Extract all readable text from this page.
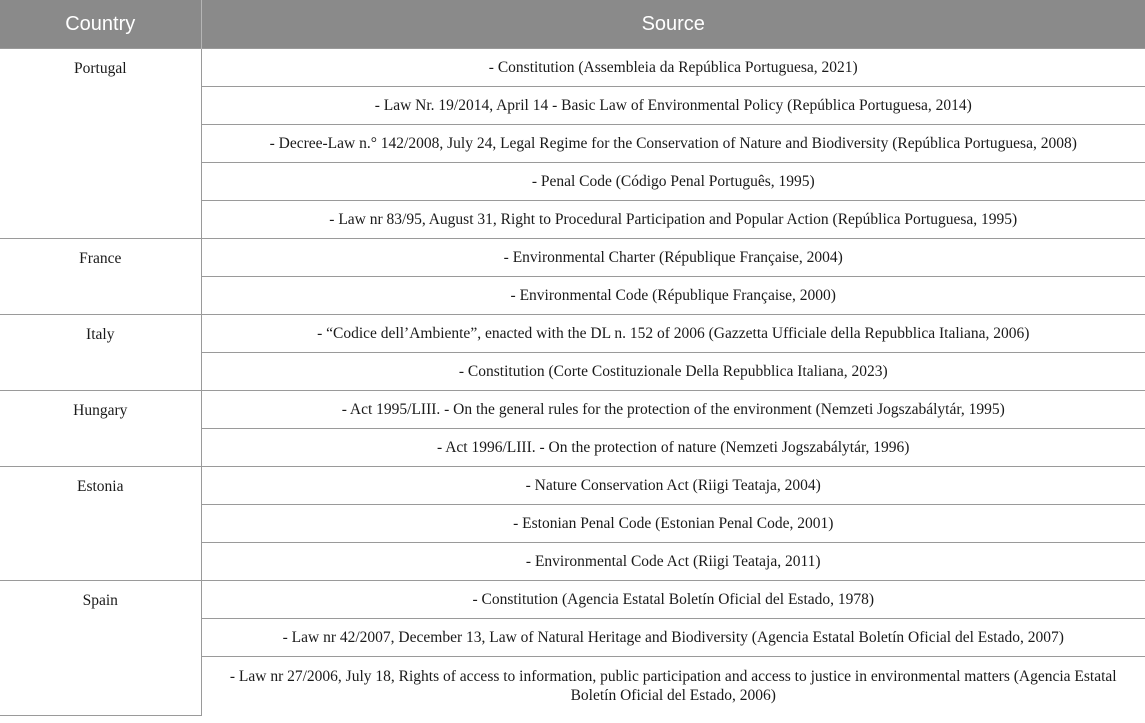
Country	Source
Portugal	- Constitution (Assembleia da República Portuguesa, 2021)
	- Law Nr. 19/2014, April 14 - Basic Law of Environmental Policy (República Portuguesa, 2014)
	- Decree-Law n.° 142/2008, July 24, Legal Regime for the Conservation of Nature and Biodiversity (República Portuguesa, 2008)
	- Penal Code (Código Penal Português, 1995)
	- Law nr 83/95, August 31, Right to Procedural Participation and Popular Action (República Portuguesa, 1995)
France	- Environmental Charter (République Française, 2004)
	- Environmental Code (République Française, 2000)
Italy	- “Codice dell’Ambiente”, enacted with the DL n. 152 of 2006 (Gazzetta Ufficiale della Repubblica Italiana, 2006)
	- Constitution (Corte Costituzionale Della Repubblica Italiana, 2023)
Hungary	- Act 1995/LIII. - On the general rules for the protection of the environment (Nemzeti Jogszabálytár, 1995)
	- Act 1996/LIII. - On the protection of nature (Nemzeti Jogszabálytár, 1996)
Estonia	- Nature Conservation Act (Riigi Teataja, 2004)
	- Estonian Penal Code (Estonian Penal Code, 2001)
	- Environmental Code Act (Riigi Teataja, 2011)
Spain	- Constitution (Agencia Estatal Boletín Oficial del Estado, 1978)
	- Law nr 42/2007, December 13, Law of Natural Heritage and Biodiversity (Agencia Estatal Boletín Oficial del Estado, 2007)
	- Law nr 27/2006, July 18, Rights of access to information, public participation and access to justice in environmental matters (Agencia Estatal Boletín Oficial del Estado, 2006)
